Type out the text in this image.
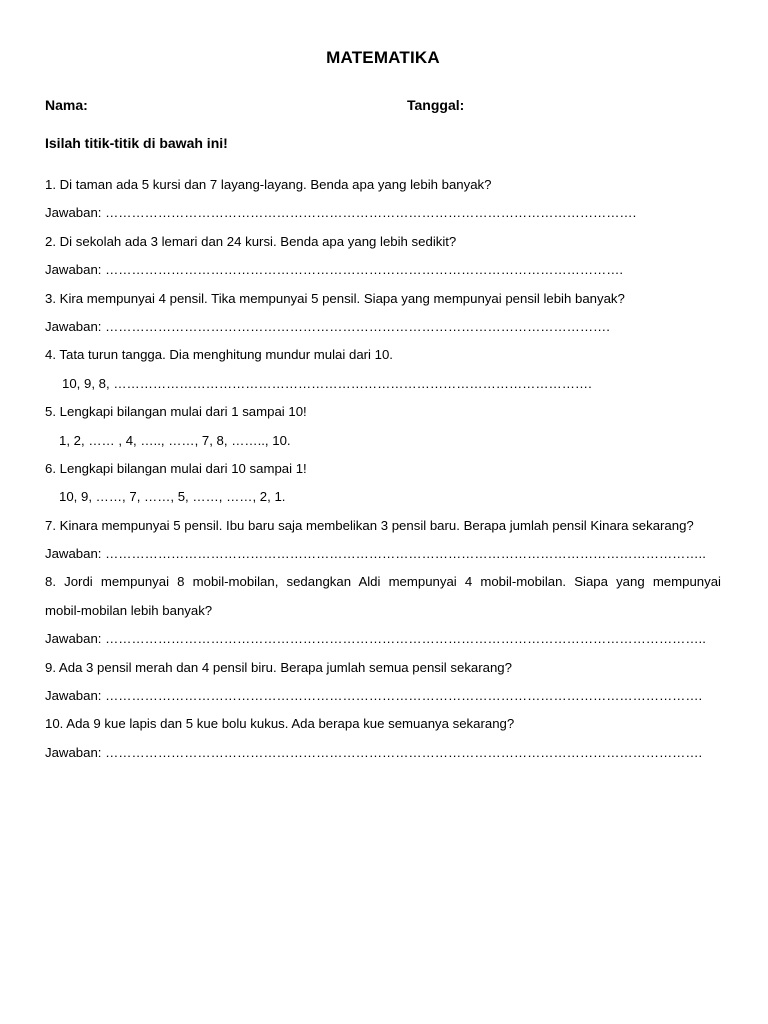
MATEMATIKA
Nama:	Tanggal:
Isilah titik-titik di bawah ini!
1. Di taman ada 5 kursi dan 7 layang-layang. Benda apa yang lebih banyak?
Jawaban: ………………………………………………………………………………………………………….
2. Di sekolah ada 3 lemari dan 24 kursi. Benda apa yang lebih sedikit?
Jawaban: ……………………………………………………………………………………………………….
3. Kira mempunyai 4 pensil. Tika mempunyai 5 pensil. Siapa yang mempunyai pensil lebih banyak?
Jawaban: …………………………………………………………………………………………………….
4. Tata turun tangga. Dia menghitung mundur mulai dari 10.
10, 9, 8, ……………………………………………………………………………………………….
5. Lengkapi bilangan mulai dari 1 sampai 10!
1, 2, …… , 4, ….., ……, 7, 8, …….., 10.
6. Lengkapi bilangan mulai dari 10 sampai 1!
10, 9, ……, 7, ……, 5, ……, ……, 2, 1.
7. Kinara mempunyai 5 pensil. Ibu baru saja membelikan 3 pensil baru. Berapa jumlah pensil Kinara sekarang?
Jawaban: ………………………………………………………………………………………………………………………..
8. Jordi mempunyai 8 mobil-mobilan, sedangkan Aldi mempunyai 4 mobil-mobilan. Siapa yang mempunyai
mobil-mobilan lebih banyak?
Jawaban: ………………………………………………………………………………………………………………………..
9. Ada 3 pensil merah dan 4 pensil biru. Berapa jumlah semua pensil sekarang?
Jawaban: ……………………………………………………………………………………………………………………….
10. Ada 9 kue lapis dan 5 kue bolu kukus. Ada berapa kue semuanya sekarang?
Jawaban: ……………………………………………………………………………………………………………………….
